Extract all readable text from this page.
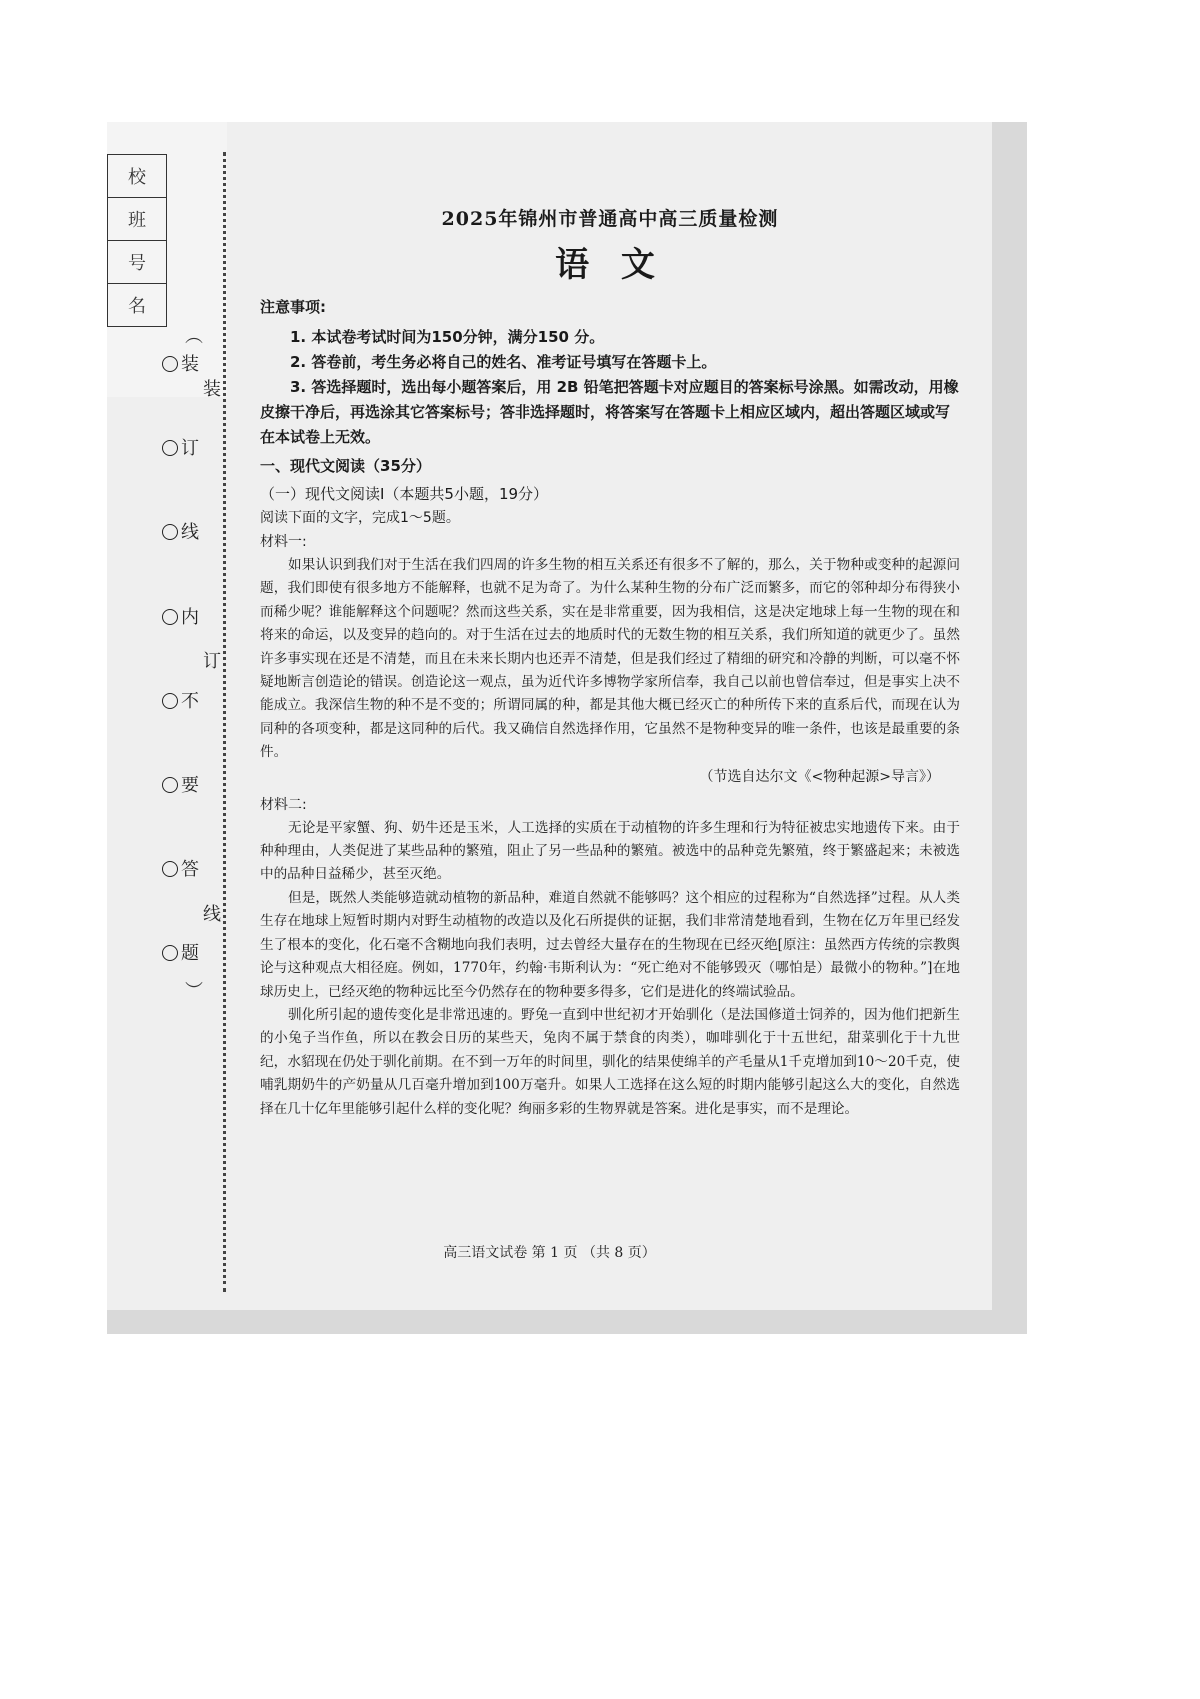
校
班
号
名
︵
︶
装
订
线
内
不
要
答
题
装
订
线
2025年锦州市普通高中高三质量检测
语 文

注意事项:

1. 本试卷考试时间为150分钟，满分150 分。

2. 答卷前，考生务必将自己的姓名、准考证号填写在答题卡上。

3. 答选择题时，选出每小题答案后，用 2B 铅笔把答题卡对应题目的答案标号涂黑。如需改动，用橡皮擦干净后，再选涂其它答案标号；答非选择题时，将答案写在答题卡上相应区域内，超出答题区域或写在本试卷上无效。

一、现代文阅读（35分）

（一）现代文阅读Ⅰ（本题共5小题，19分）

阅读下面的文字，完成1～5题。

材料一:

如果认识到我们对于生活在我们四周的许多生物的相互关系还有很多不了解的，那么，关于物种或变种的起源问题，我们即使有很多地方不能解释，也就不足为奇了。为什么某种生物的分布广泛而繁多，而它的邻种却分布得狭小而稀少呢？谁能解释这个问题呢？然而这些关系，实在是非常重要，因为我相信，这是决定地球上每一生物的现在和将来的命运，以及变异的趋向的。对于生活在过去的地质时代的无数生物的相互关系，我们所知道的就更少了。虽然许多事实现在还是不清楚，而且在未来长期内也还弄不清楚，但是我们经过了精细的研究和冷静的判断，可以毫不怀疑地断言创造论的错误。创造论这一观点，虽为近代许多博物学家所信奉，我自己以前也曾信奉过，但是事实上决不能成立。我深信生物的种不是不变的；所谓同属的种，都是其他大概已经灭亡的种所传下来的直系后代，而现在认为同种的各项变种，都是这同种的后代。我又确信自然选择作用，它虽然不是物种变异的唯一条件，也该是最重要的条件。

（节选自达尔文《<物种起源>导言》）

材料二:

无论是平家蟹、狗、奶牛还是玉米，人工选择的实质在于动植物的许多生理和行为特征被忠实地遗传下来。由于种种理由，人类促进了某些品种的繁殖，阻止了另一些品种的繁殖。被选中的品种竞先繁殖，终于繁盛起来；未被选中的品种日益稀少，甚至灭绝。

但是，既然人类能够造就动植物的新品种，难道自然就不能够吗？这个相应的过程称为“自然选择”过程。从人类生存在地球上短暂时期内对野生动植物的改造以及化石所提供的证据，我们非常清楚地看到，生物在亿万年里已经发生了根本的变化，化石毫不含糊地向我们表明，过去曾经大量存在的生物现在已经灭绝[原注：虽然西方传统的宗教舆论与这种观点大相径庭。例如，1770年，约翰·韦斯利认为：“死亡绝对不能够毁灭（哪怕是）最微小的物种。”]在地球历史上，已经灭绝的物种远比至今仍然存在的物种要多得多，它们是进化的终端试验品。

驯化所引起的遗传变化是非常迅速的。野兔一直到中世纪初才开始驯化（是法国修道士饲养的，因为他们把新生的小兔子当作鱼，所以在教会日历的某些天，兔肉不属于禁食的肉类），咖啡驯化于十五世纪，甜菜驯化于十九世纪，水貂现在仍处于驯化前期。在不到一万年的时间里，驯化的结果使绵羊的产毛量从1千克增加到10～20千克，使哺乳期奶牛的产奶量从几百毫升增加到100万毫升。如果人工选择在这么短的时期内能够引起这么大的变化，自然选择在几十亿年里能够引起什么样的变化呢？绚丽多彩的生物界就是答案。进化是事实，而不是理论。

高三语文试卷 第 1 页 （共 8 页）
